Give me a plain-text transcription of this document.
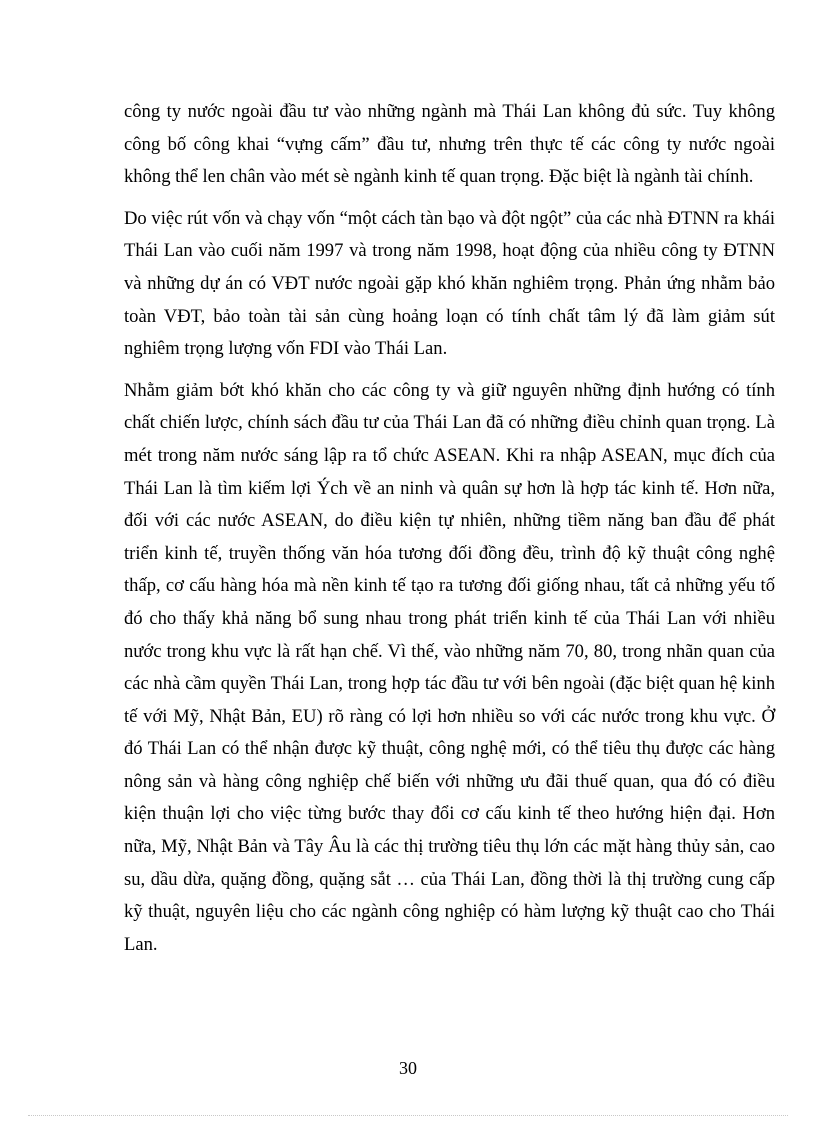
công ty nước ngoài đầu tư vào những ngành mà Thái Lan không đủ sức. Tuy không công bố công khai “vựng cấm” đầu tư, nhưng trên thực tế các công ty nước ngoài không thể len chân vào mét sè ngành kinh tế quan trọng. Đặc biệt là ngành tài chính.

Do việc rút vốn và chạy vốn “một cách tàn bạo và đột ngột” của các nhà ĐTNN ra khái Thái Lan vào cuối năm 1997 và trong năm 1998, hoạt động của nhiều công ty ĐTNN và những dự án có VĐT nước ngoài gặp khó khăn nghiêm trọng. Phản ứng nhằm bảo toàn VĐT, bảo toàn tài sản cùng hoảng loạn có tính chất tâm lý đã làm giảm sút nghiêm trọng lượng vốn FDI vào Thái Lan.

Nhằm giảm bớt khó khăn cho các công ty và giữ nguyên những định hướng có tính chất chiến lược, chính sách đầu tư của Thái Lan đã có những điều chỉnh quan trọng. Là mét trong năm nước sáng lập ra tổ chức ASEAN. Khi ra nhập ASEAN, mục đích của Thái Lan là tìm kiếm lợi Ých về an ninh và quân sự hơn là hợp tác kinh tế. Hơn nữa, đối với các nước ASEAN, do điều kiện tự nhiên, những tiềm năng ban đầu để phát triển kinh tế, truyền thống văn hóa tương đối đồng đều, trình độ kỹ thuật công nghệ thấp, cơ cấu hàng hóa mà nền kinh tế tạo ra tương đối giống nhau, tất cả những yếu tố đó cho thấy khả năng bổ sung nhau trong phát triển kinh tế của Thái Lan với nhiều nước trong khu vực là rất hạn chế. Vì thế, vào những năm 70, 80, trong nhãn quan của các nhà cầm quyền Thái Lan, trong hợp tác đầu tư với bên ngoài (đặc biệt quan hệ kinh tế với Mỹ, Nhật Bản, EU) rõ ràng có lợi hơn nhiều so với các nước trong khu vực. Ở đó Thái Lan có thể nhận được kỹ thuật, công nghệ mới, có thể tiêu thụ được các hàng nông sản và hàng công nghiệp chế biến với những ưu đãi thuế quan, qua đó có điều kiện thuận lợi cho việc từng bước thay đổi cơ cấu kinh tế theo hướng hiện đại. Hơn nữa, Mỹ, Nhật Bản và Tây Âu là các thị trường tiêu thụ lớn các mặt hàng thủy sản, cao su, dầu dừa, quặng đồng, quặng sắt … của Thái Lan, đồng thời là thị trường cung cấp kỹ thuật, nguyên liệu cho các ngành công nghiệp có hàm lượng kỹ thuật cao cho Thái Lan.

30
